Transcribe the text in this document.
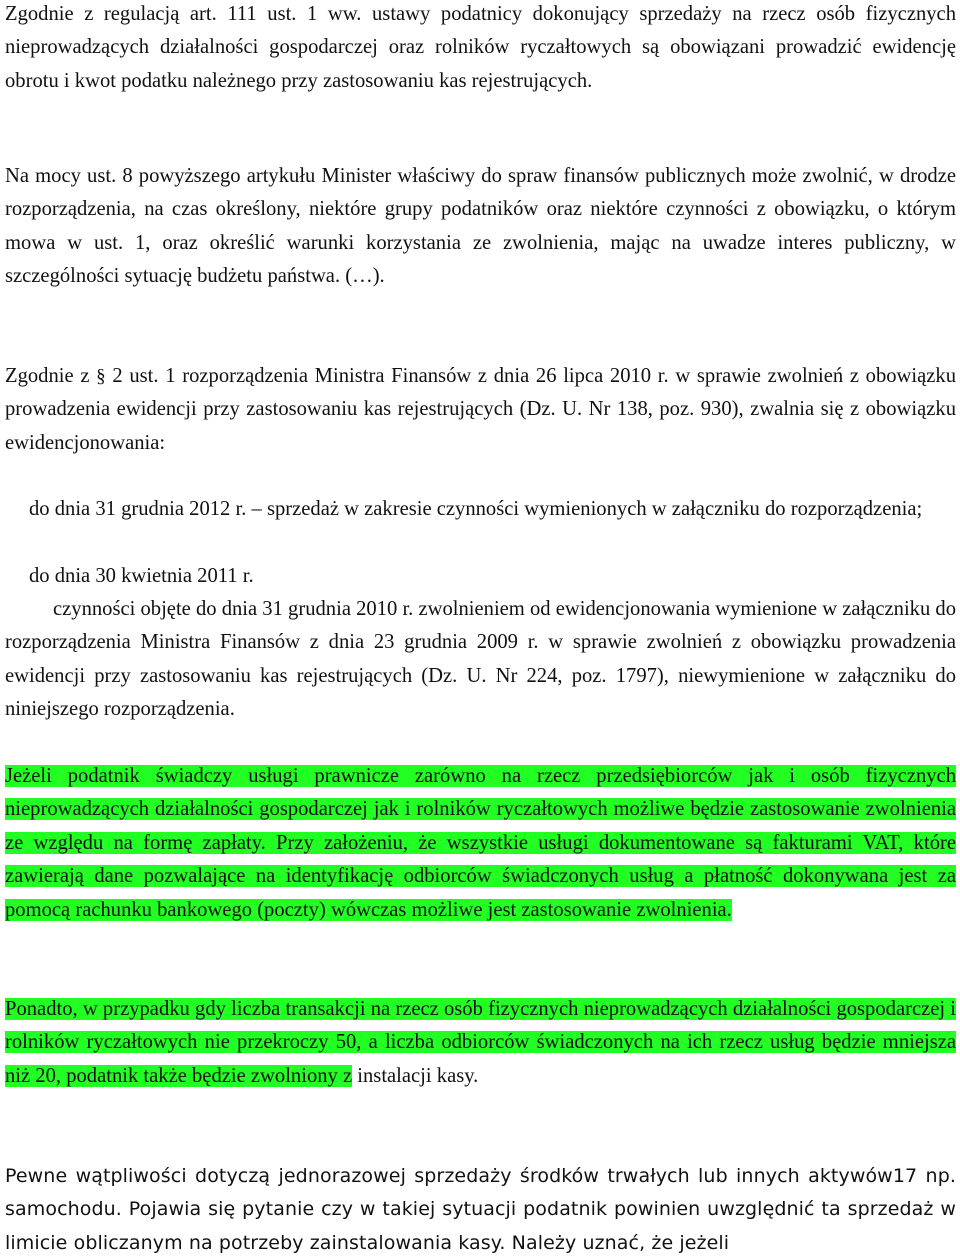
Zgodnie z regulacją art. 111 ust. 1 ww. ustawy podatnicy dokonujący sprzedaży na rzecz osób fizycznych nieprowadzących działalności gospodarczej oraz rolników ryczałtowych są obowiązani prowadzić ewidencję obrotu i kwot podatku należnego przy zastosowaniu kas rejestrujących.

Na mocy ust. 8 powyższego artykułu Minister właściwy do spraw finansów publicznych może zwolnić, w drodze rozporządzenia, na czas określony, niektóre grupy podatników oraz niektóre czynności z obowiązku, o którym mowa w ust. 1, oraz określić warunki korzystania ze zwolnienia, mając na uwadze interes publiczny, w szczególności sytuację budżetu państwa. (…).

Zgodnie z § 2 ust. 1 rozporządzenia Ministra Finansów z dnia 26 lipca 2010 r. w sprawie zwolnień z obowiązku prowadzenia ewidencji przy zastosowaniu kas rejestrujących (Dz. U. Nr 138, poz. 930), zwalnia się z obowiązku ewidencjonowania:

do dnia 31 grudnia 2012 r. – sprzedaż w zakresie czynności wymienionych w załączniku do rozporządzenia;

do dnia 30 kwietnia 2011 r.

czynności objęte do dnia 31 grudnia 2010 r. zwolnieniem od ewidencjonowania wymienione w załączniku do rozporządzenia Ministra Finansów z dnia 23 grudnia 2009 r. w sprawie zwolnień z obowiązku prowadzenia ewidencji przy zastosowaniu kas rejestrujących (Dz. U. Nr 224, poz. 1797), niewymienione w załączniku do niniejszego rozporządzenia.

Jeżeli podatnik świadczy usługi prawnicze zarówno na rzecz przedsiębiorców jak i osób fizycznych nieprowadzących działalności gospodarczej jak i rolników ryczałtowych możliwe będzie zastosowanie zwolnienia ze względu na formę zapłaty. Przy założeniu, że wszystkie usługi dokumentowane są fakturami VAT, które zawierają dane pozwalające na identyfikację odbiorców świadczonych usług a płatność dokonywana jest za pomocą rachunku bankowego (poczty) wówczas możliwe jest zastosowanie zwolnienia.

Ponadto, w przypadku gdy liczba transakcji na rzecz osób fizycznych nieprowadzących działalności gospodarczej i rolników ryczałtowych nie przekroczy 50, a liczba odbiorców świadczonych na ich rzecz usług będzie mniejsza niż 20, podatnik także będzie zwolniony z instalacji kasy.

Pewne wątpliwości dotyczą jednorazowej sprzedaży środków trwałych lub innych aktywów17 np. samochodu. Pojawia się pytanie czy w takiej sytuacji podatnik powinien uwzględnić ta sprzedaż w limicie obliczanym na potrzeby zainstalowania kasy. Należy uznać, że jeżeli
